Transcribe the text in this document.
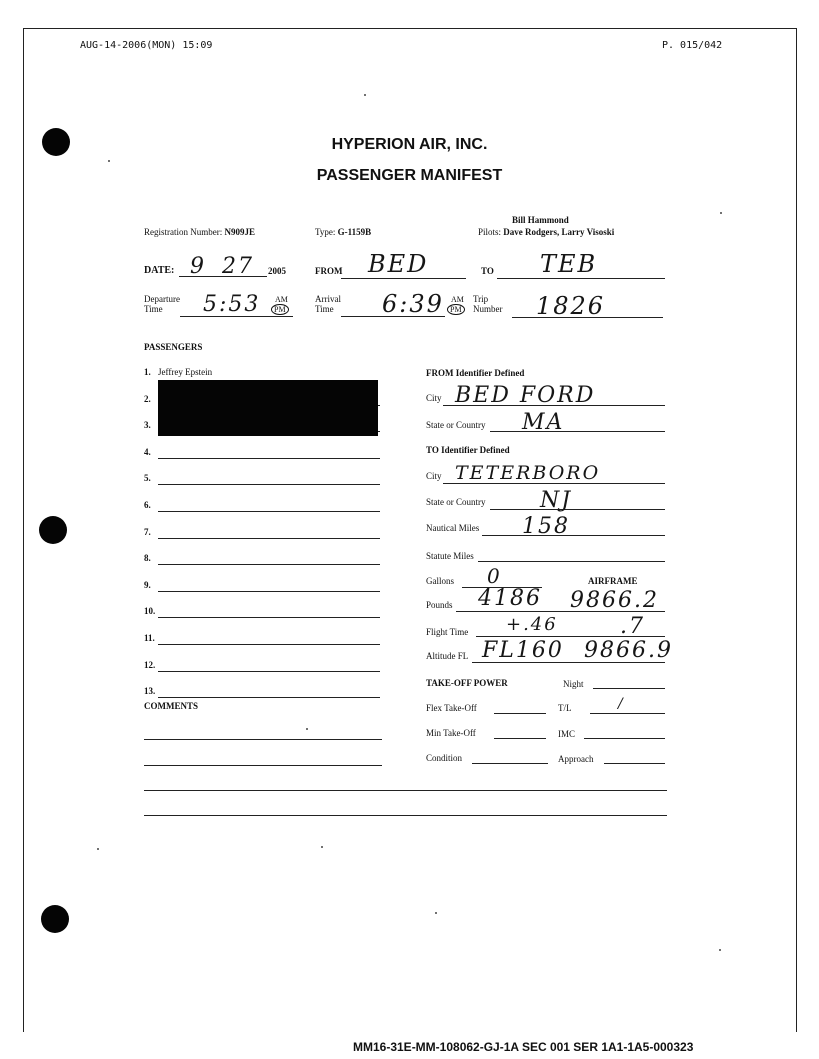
AUG-14-2006(MON) 15:09	P. 015/042
HYPERION AIR, INC.
PASSENGER MANIFEST
Registration Number: N909JE	Type: G-1159B
Bill Hammond
Pilots: Dave Rodgers, Larry Visoski
DATE: 9 27 2005	FROM BED	TO TEB
Departure
Time 5:53 AM
PM
Arrival
Time 6:39 AM
PM
Trip
Number 1826
PASSENGERS
1. Jeffrey Epstein
2.
3.
4.
5.
6.
7.
8.
9.
10.
11.
12.
13.
COMMENTS
FROM Identifier Defined
City BED FORD
State or Country MA
TO Identifier Defined
City TETERBORO
State or Country NJ
Nautical Miles 158
Statute Miles
Gallons 0	AIRFRAME
Pounds 4186 9866.2
Flight Time +.46	.7
Altitude FL FL160 9866.9
TAKE-OFF POWER	Night
Flex Take-Off	T/L	/
Min Take-Off	IMC
Condition	Approach
MM16-31E-MM-108062-GJ-1A SEC 001 SER 1A1-1A5-000323
